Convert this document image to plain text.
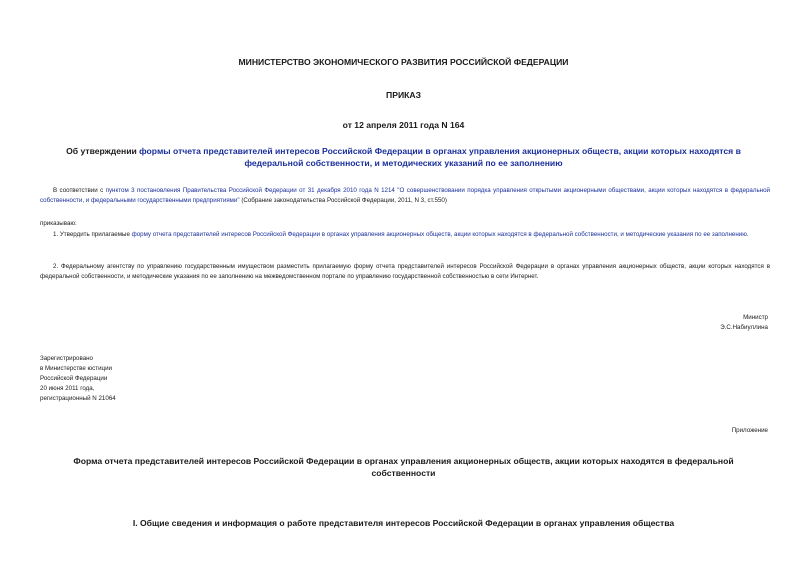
МИНИСТЕРСТВО ЭКОНОМИЧЕСКОГО РАЗВИТИЯ РОССИЙСКОЙ ФЕДЕРАЦИИ
ПРИКАЗ
от 12 апреля 2011 года N 164
Об утверждении формы отчета представителей интересов Российской Федерации в органах управления акционерных обществ, акции которых находятся в федеральной собственности, и методических указаний по ее заполнению
В соответствии с пунктом 3 постановления Правительства Российской Федерации от 31 декабря 2010 года N 1214 "О совершенствовании порядка управления открытыми акционерными обществами, акции которых находятся в федеральной собственности, и федеральными государственными предприятиями" (Собрание законодательства Российской Федерации, 2011, N 3, ст.550)
приказываю:
1. Утвердить прилагаемые форму отчета представителей интересов Российской Федерации в органах управления акционерных обществ, акции которых находятся в федеральной собственности, и методические указания по ее заполнению.
2. Федеральному агентству по управлению государственным имуществом разместить прилагаемую форму отчета представителей интересов Российской Федерации в органах управления акционерных обществ, акции которых находятся в федеральной собственности, и методические указания по ее заполнению на межведомственном портале по управлению государственной собственностью в сети Интернет.
Министр
Э.С.Набиуллина
Зарегистрировано
в Министерстве юстиции
Российской Федерации
20 июня 2011 года,
регистрационный N 21064
Приложение
Форма отчета представителей интересов Российской Федерации в органах управления акционерных обществ, акции которых находятся в федеральной собственности
I. Общие сведения и информация о работе представителя интересов Российской Федерации в органах управления общества
